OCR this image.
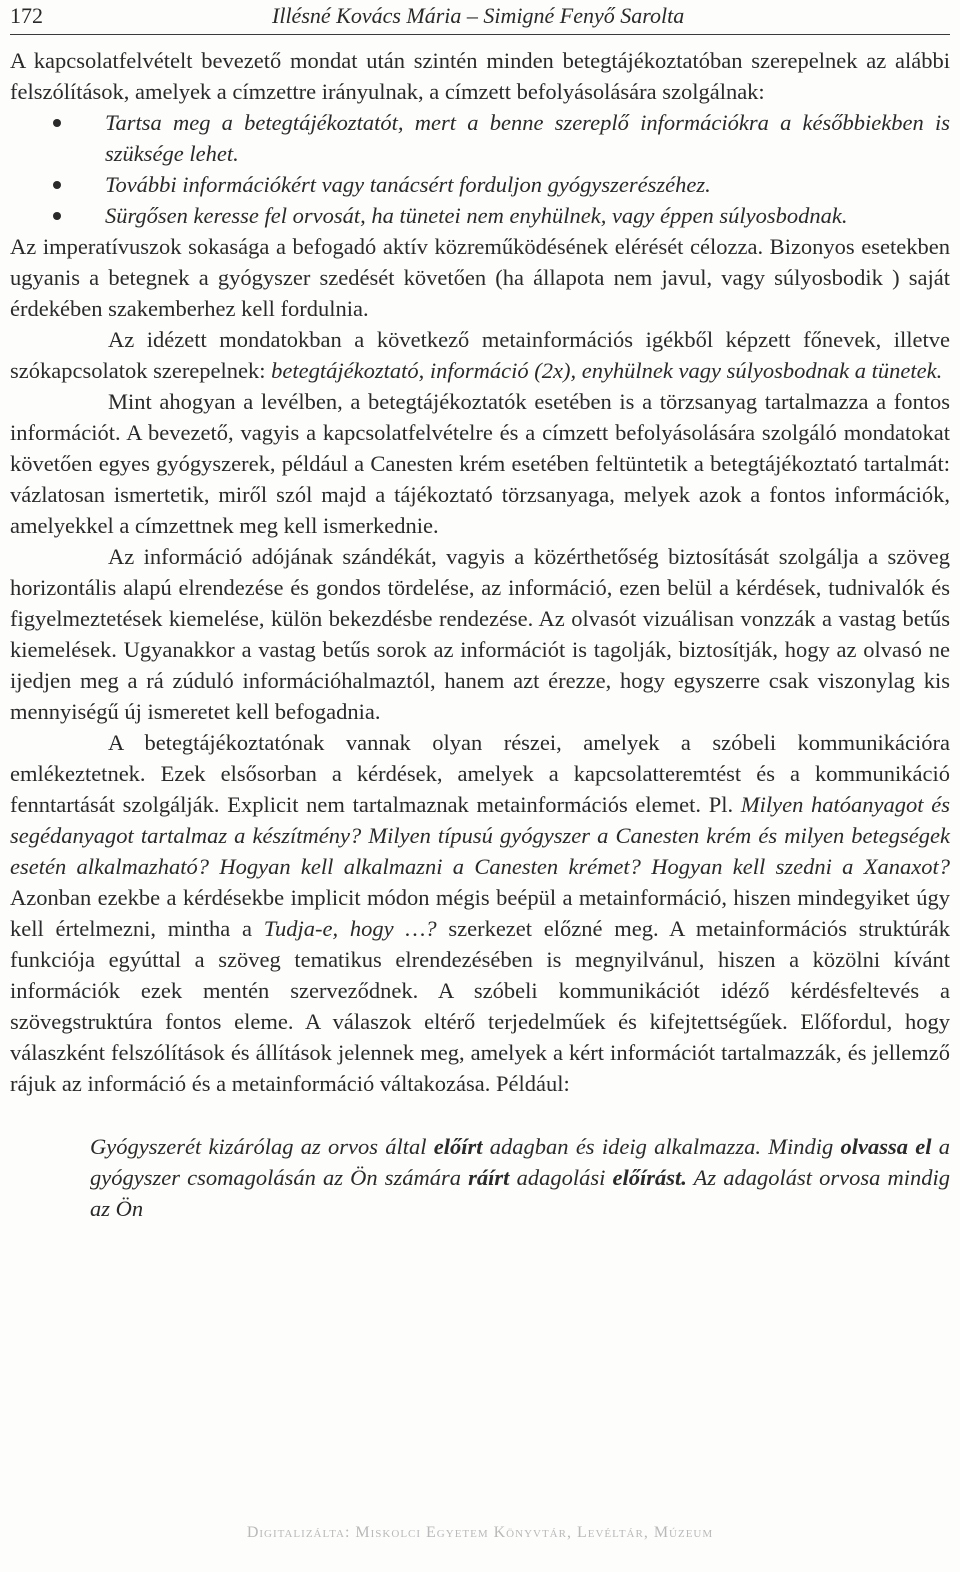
172	Illésné Kovács Mária – Simigné Fenyő Sarolta

A kapcsolatfelvételt bevezető mondat után szintén minden betegtájékoztatóban szerepelnek az alábbi felszólítások, amelyek a címzettre irányulnak, a címzett befolyásolására szolgálnak:

Tartsa meg a betegtájékoztatót, mert a benne szereplő információkra a későbbiekben is szüksége lehet.
További információkért vagy tanácsért forduljon gyógyszerészéhez.
Sürgősen keresse fel orvosát, ha tünetei nem enyhülnek, vagy éppen súlyosbodnak.

Az imperatívuszok sokasága a befogadó aktív közreműködésének elérését célozza. Bizonyos esetekben ugyanis a betegnek a gyógyszer szedését követően (ha állapota nem javul, vagy súlyosbodik ) saját érdekében szakemberhez kell fordulnia.

Az idézett mondatokban a következő metainformációs igékből képzett főnevek, illetve szókapcsolatok szerepelnek: betegtájékoztató, információ (2x), enyhülnek vagy súlyosbodnak a tünetek.

Mint ahogyan a levélben, a betegtájékoztatók esetében is a törzsanyag tartalmazza a fontos információt. A bevezető, vagyis a kapcsolatfelvételre és a címzett befolyásolására szolgáló mondatokat követően egyes gyógyszerek, például a Canesten krém esetében feltüntetik a betegtájékoztató tartalmát: vázlatosan ismertetik, miről szól majd a tájékoztató törzsanyaga, melyek azok a fontos információk, amelyekkel a címzettnek meg kell ismerkednie.

Az információ adójának szándékát, vagyis a közérthetőség biztosítását szolgálja a szöveg horizontális alapú elrendezése és gondos tördelése, az információ, ezen belül a kérdések, tudnivalók és figyelmeztetések kiemelése, külön bekezdésbe rendezése. Az olvasót vizuálisan vonzzák a vastag betűs kiemelések. Ugyanakkor a vastag betűs sorok az információt is tagolják, biztosítják, hogy az olvasó ne ijedjen meg a rá zúduló információhalmaztól, hanem azt érezze, hogy egyszerre csak viszonylag kis mennyiségű új ismeretet kell befogadnia.

A betegtájékoztatónak vannak olyan részei, amelyek a szóbeli kommunikációra emlékeztetnek. Ezek elsősorban a kérdések, amelyek a kapcsolatteremtést és a kommunikáció fenntartását szolgálják. Explicit nem tartalmaznak metainformációs elemet. Pl. Milyen hatóanyagot és segédanyagot tartalmaz a készítmény? Milyen típusú gyógyszer a Canesten krém és milyen betegségek esetén alkalmazható? Hogyan kell alkalmazni a Canesten krémet? Hogyan kell szedni a Xanaxot? Azonban ezekbe a kérdésekbe implicit módon mégis beépül a metainformáció, hiszen mindegyiket úgy kell értelmezni, mintha a Tudja-e, hogy …? szerkezet előzné meg. A metainformációs struktúrák funkciója egyúttal a szöveg tematikus elrendezésében is megnyilvánul, hiszen a közölni kívánt információk ezek mentén szerveződnek. A szóbeli kommunikációt idéző kérdésfeltevés a szövegstruktúra fontos eleme. A válaszok eltérő terjedelműek és kifejtettségűek. Előfordul, hogy válaszként felszólítások és állítások jelennek meg, amelyek a kért információt tartalmazzák, és jellemző rájuk az információ és a metainformáció váltakozása. Például:

Gyógyszerét kizárólag az orvos által előírt adagban és ideig alkalmazza. Mindig olvassa el a gyógyszer csomagolásán az Ön számára ráírt adagolási előírást. Az adagolást orvosa mindig az Ön

Digitalizálta: Miskolci Egyetem Könyvtár, Levéltár, Múzeum
